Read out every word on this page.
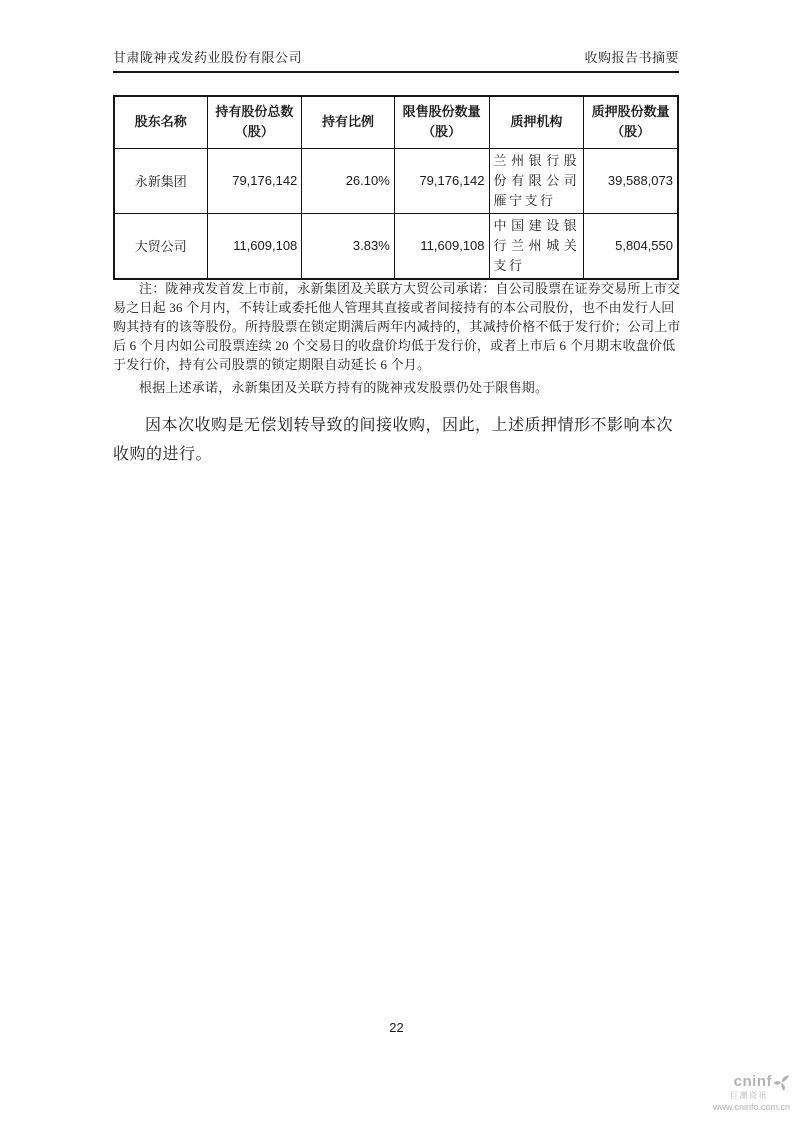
甘肃陇神戎发药业股份有限公司	收购报告书摘要
股东名称	持有股份总数（股）	持有比例	限售股份数量（股）	质押机构	质押股份数量（股）
永新集团	79,176,142	26.10%	79,176,142	兰州银行股份有限公司雁宁支行	39,588,073
大贸公司	11,609,108	3.83%	11,609,108	中国建设银行兰州城关支行	5,804,550

注：陇神戎发首发上市前，永新集团及关联方大贸公司承诺：自公司股票在证券交易所上市交易之日起 36 个月内，不转让或委托他人管理其直接或者间接持有的本公司股份，也不由发行人回购其持有的该等股份。所持股票在锁定期满后两年内减持的，其减持价格不低于发行价；公司上市后 6 个月内如公司股票连续 20 个交易日的收盘价均低于发行价，或者上市后 6 个月期末收盘价低于发行价，持有公司股票的锁定期限自动延长 6 个月。

根据上述承诺，永新集团及关联方持有的陇神戎发股票仍处于限售期。

因本次收购是无偿划转导致的间接收购，因此，上述质押情形不影响本次收购的进行。

22
cninf
巨潮资讯
www.cninfo.com.cn
